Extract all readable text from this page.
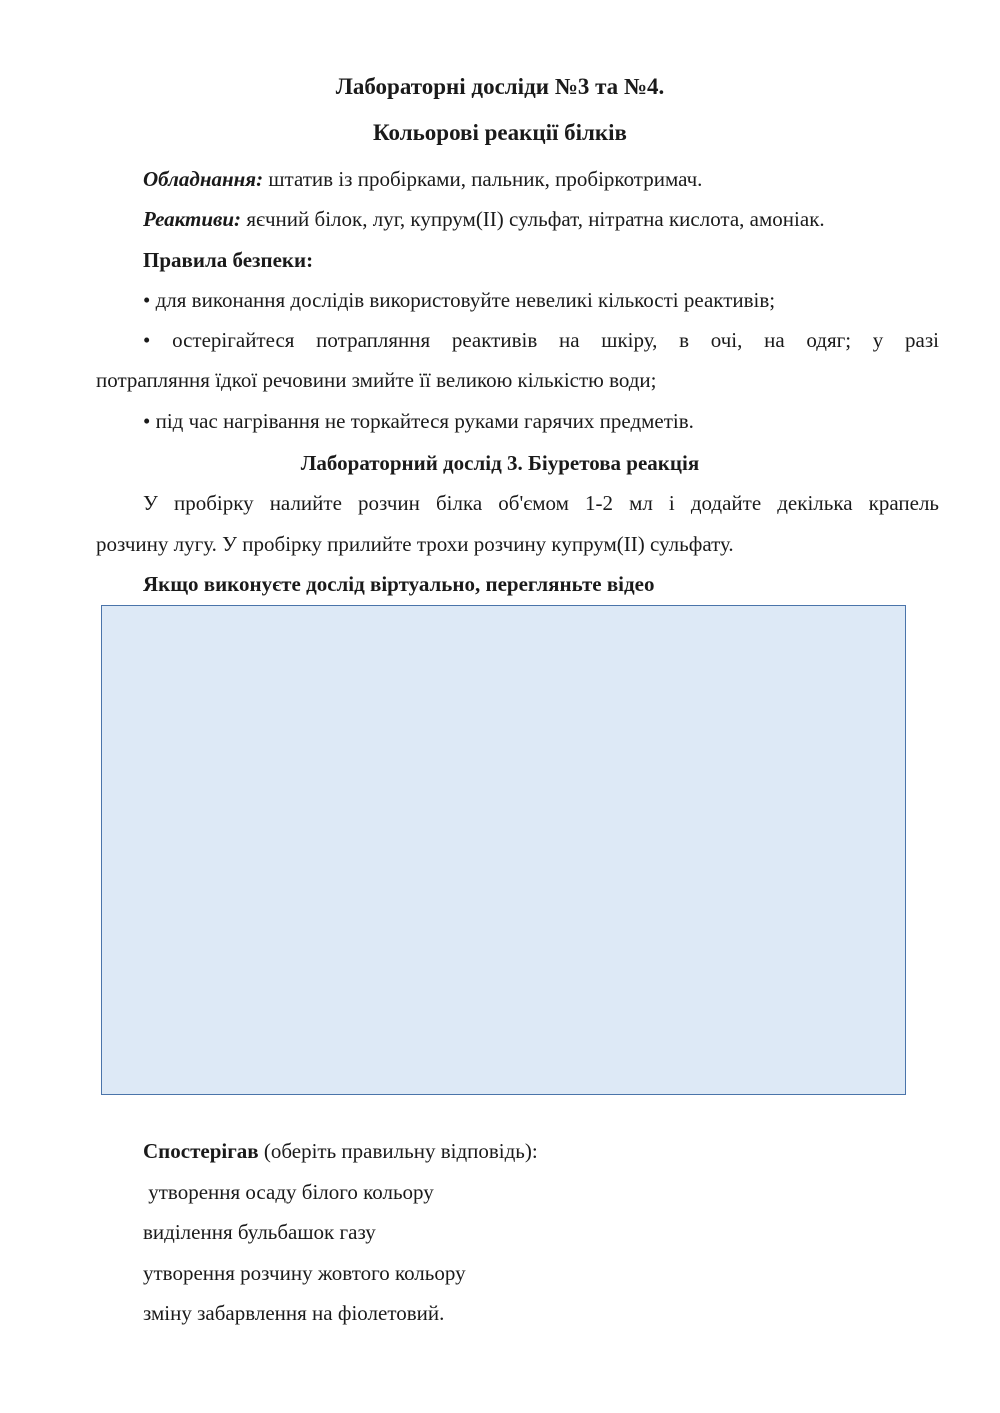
Лабораторні досліди №3 та №4.
Кольорові реакції білків
Обладнання: штатив із пробірками, пальник, пробіркотримач.
Реактиви: яєчний білок, луг, купрум(ІІ) сульфат, нітратна кислота, амоніак.
Правила безпеки:
• для виконання дослідів використовуйте невеликі кількості реактивів;
• остерігайтеся потрапляння реактивів на шкіру, в очі, на одяг; у разі
потрапляння їдкої речовини змийте її великою кількістю води;
• під час нагрівання не торкайтеся руками гарячих предметів.
Лабораторний дослід 3. Біуретова реакція
У пробірку налийте розчин білка об'ємом 1-2 мл і додайте декілька крапель
розчину лугу. У пробірку прилийте трохи розчину купрум(ІІ) сульфату.
Якщо виконуєте дослід віртуально, перегляньте відео
Спостерігав (оберіть правильну відповідь):
утворення осаду білого кольору
виділення бульбашок газу
утворення розчину жовтого кольору
зміну забарвлення на фіолетовий.
